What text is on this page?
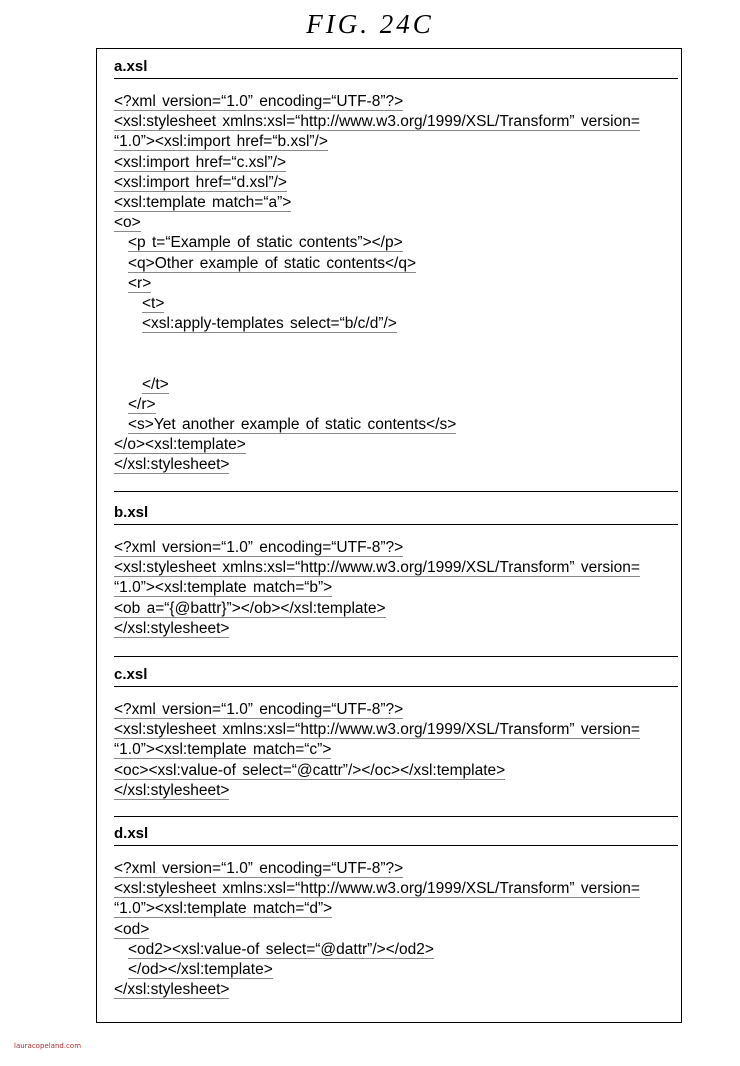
FIG. 24C
a.xsl
<?xml version=“1.0” encoding=“UTF-8”?>
<xsl:stylesheet xmlns:xsl=“http://www.w3.org/1999/XSL/Transform” version=
“1.0”><xsl:import href=“b.xsl”/>
<xsl:import href=“c.xsl”/>
<xsl:import href=“d.xsl”/>
<xsl:template match=“a”>
<o>
<p t=“Example of static contents”></p>
<q>Other example of static contents</q>
<r>
<t>
<xsl:apply-templates select=“b/c/d”/>
</t>
</r>
<s>Yet another example of static contents</s>
</o><xsl:template>
</xsl:stylesheet>
b.xsl
<?xml version=“1.0” encoding=“UTF-8”?>
<xsl:stylesheet xmlns:xsl=“http://www.w3.org/1999/XSL/Transform” version=
“1.0”><xsl:template match=“b”>
<ob a=“{@battr}”></ob></xsl:template>
</xsl:stylesheet>
c.xsl
<?xml version=“1.0” encoding=“UTF-8”?>
<xsl:stylesheet xmlns:xsl=“http://www.w3.org/1999/XSL/Transform” version=
“1.0”><xsl:template match=“c”>
<oc><xsl:value-of select=“@cattr”/></oc></xsl:template>
</xsl:stylesheet>
d.xsl
<?xml version=“1.0” encoding=“UTF-8”?>
<xsl:stylesheet xmlns:xsl=“http://www.w3.org/1999/XSL/Transform” version=
“1.0”><xsl:template match=“d”>
<od>
<od2><xsl:value-of select=“@dattr”/></od2>
</od></xsl:template>
</xsl:stylesheet>
lauracopeland.com
